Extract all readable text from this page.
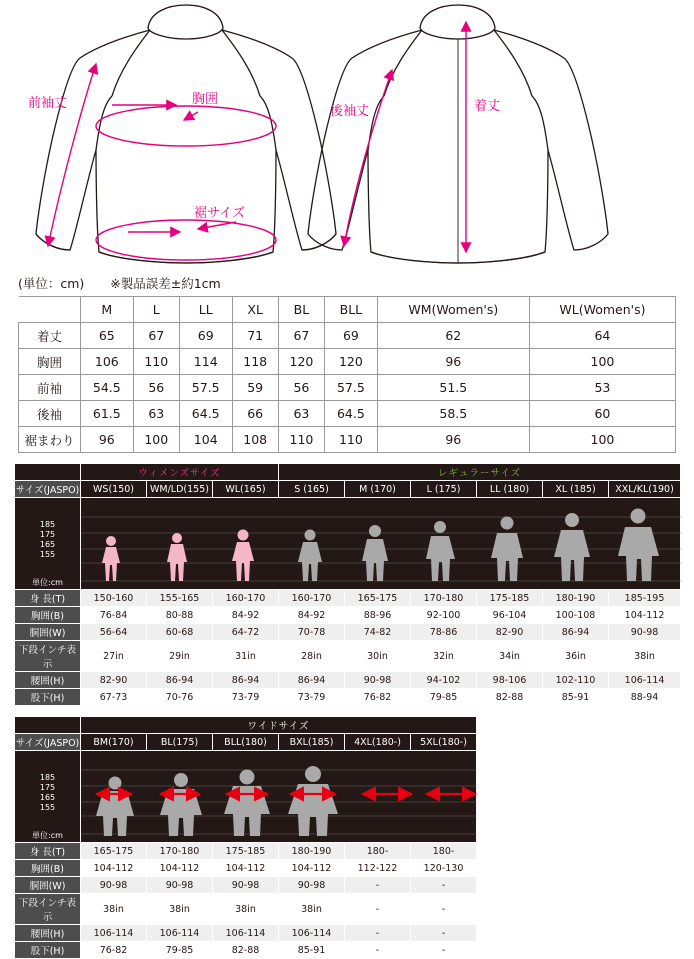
前袖丈	胸囲
裾サイズ
後袖丈	着丈
(単位：cm) ※製品誤差±約1cm
	M	L	LL	XL	BL	BLL	WM(Women's)	WL(Women's)
着丈	65	67	69	71	67	69	62	64
胸囲	106	110	114	118	120	120	96	100
前袖	54.5	56	57.5	59	56	57.5	51.5	53
後袖	61.5	63	64.5	66	63	64.5	58.5	60
裾まわり	96	100	104	108	110	110	96	100
	ウィメンズサイズ			レギュラーサイズ					
サイズ(JASPO)	WS(150)	WM/LD(155)	WL(165)	S (165)	M (170)	L (175)	LL (180)	XL (185)	XXL/KL(190)

185
175
165
155
単位:cm

身 長(T)	150-160	155-165	160-170	160-170	165-175	170-180	175-185	180-190	185-195
胸囲(B)	76-84	80-88	84-92	84-92	88-96	92-100	96-104	100-108	104-112
胴囲(W)	56-64	60-68	64-72	70-78	74-82	78-86	82-90	86-94	90-98
下段インチ表示	27in	29in	31in	28in	30in	32in	34in	36in	38in
腰囲(H)	82-90	86-94	86-94	86-94	90-98	94-102	98-106	102-110	106-114
股下(H)	67-73	70-76	73-79	73-79	76-82	79-85	82-88	85-91	88-94
	ワイドサイズ					
サイズ(JASPO)	BM(170)	BL(175)	BLL(180)	BXL(185)	4XL(180-)	5XL(180-)

185
175
165
155
単位:cm

身 長(T)	165-175	170-180	175-185	180-190	180-	180-
胸囲(B)	104-112	104-112	104-112	104-112	112-122	120-130
胴囲(W)	90-98	90-98	90-98	90-98	-	-
下段インチ表示	38in	38in	38in	38in	-	-
腰囲(H)	106-114	106-114	106-114	106-114	-	-
股下(H)	76-82	79-85	82-88	85-91	-	-
